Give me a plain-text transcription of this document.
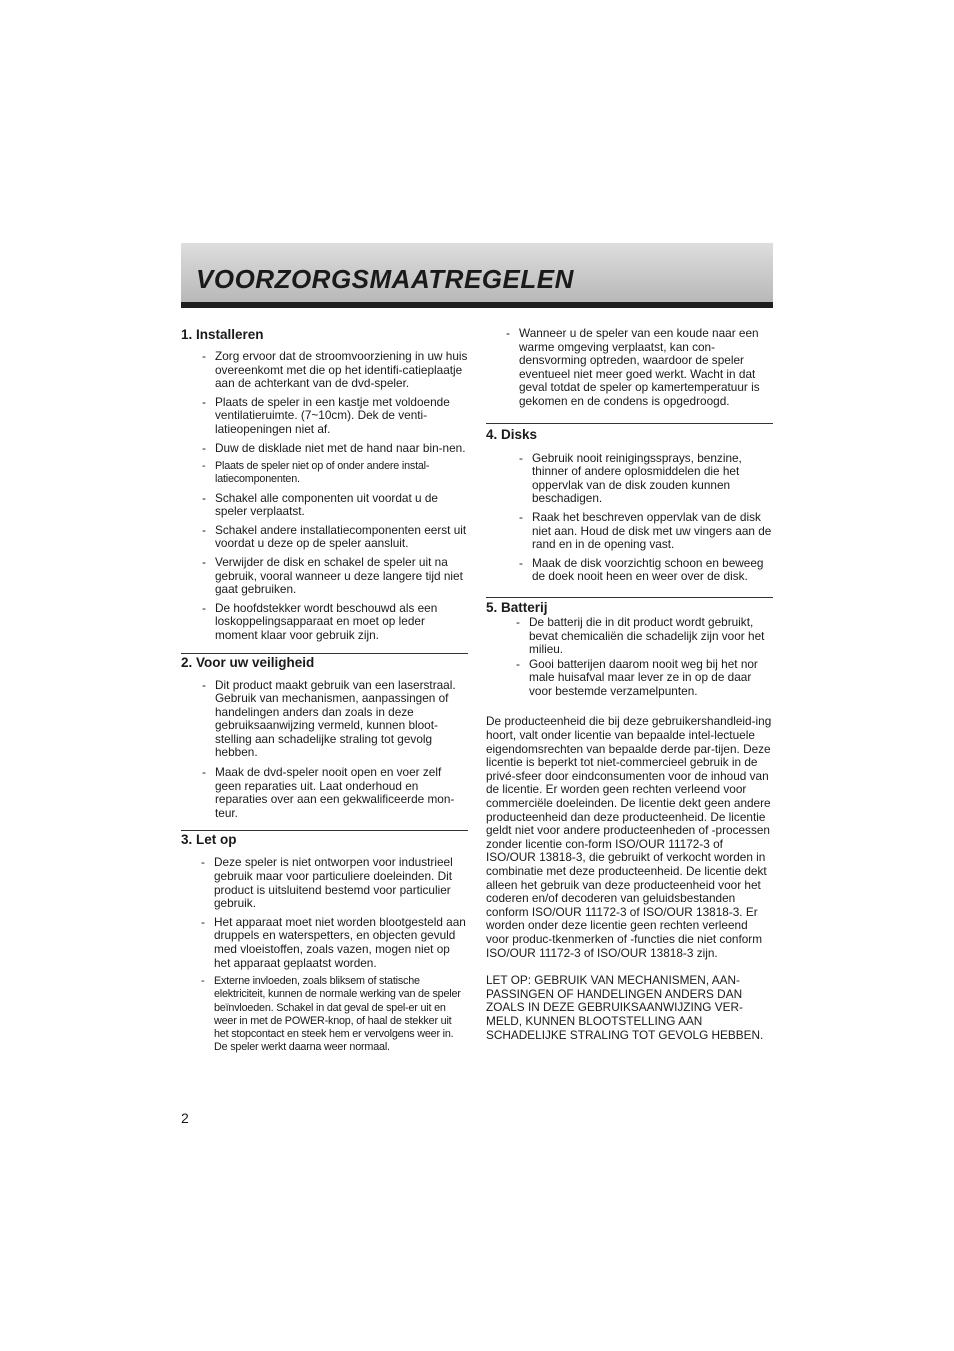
VOORZORGSMAATREGELEN
1. Installeren
- Zorg ervoor dat de stroomvoorziening in uw huis overeenkomt met die op het identifi-catieplaatje aan de achterkant van de dvd-speler.
- Plaats de speler in een kastje met voldoende ventilatieruimte. (7~10cm). Dek de venti-latieopeningen niet af.
- Duw de disklade niet met de hand naar bin-nen.
- Plaats de speler niet op of onder andere instal-latiecomponenten.
- Schakel alle componenten uit voordat u de speler verplaatst.
- Schakel andere installatiecomponenten eerst uit voordat u deze op de speler aansluit.
- Verwijder de disk en schakel de speler uit na gebruik, vooral wanneer u deze langere tijd niet gaat gebruiken.
- De hoofdstekker wordt beschouwd als een loskoppelingsapparaat en moet op leder moment klaar voor gebruik zijn.
2. Voor uw veiligheid
- Dit product maakt gebruik van een laserstraal. Gebruik van mechanismen, aanpassingen of handelingen anders dan zoals in deze gebruiksaanwijzing vermeld, kunnen bloot-stelling aan schadelijke straling tot gevolg hebben.
- Maak de dvd-speler nooit open en voer zelf geen reparaties uit. Laat onderhoud en reparaties over aan een gekwalificeerde mon-teur.
3. Let op
- Deze speler is niet ontworpen voor industrieel gebruik maar voor particuliere doeleinden. Dit product is uitsluitend bestemd voor particulier gebruik.
- Het apparaat moet niet worden blootgesteld aan druppels en waterspetters, en objecten gevuld med vloeistoffen, zoals vazen, mogen niet op het apparaat geplaatst worden.
- Externe invloeden, zoals bliksem of statische elektriciteit, kunnen de normale werking van de speler beïnvloeden. Schakel in dat geval de spel-er uit en weer in met de POWER-knop, of haal de stekker uit het stopcontact en steek hem er vervolgens weer in. De speler werkt daarna weer normaal.
- Wanneer u de speler van een koude naar een warme omgeving verplaatst, kan con-densvorming optreden, waardoor de speler eventueel niet meer goed werkt. Wacht in dat geval totdat de speler op kamertemperatuur is gekomen en de condens is opgedroogd.
4. Disks
- Gebruik nooit reinigingssprays, benzine, thinner of andere oplosmiddelen die het oppervlak van de disk zouden kunnen beschadigen.
- Raak het beschreven oppervlak van de disk niet aan. Houd de disk met uw vingers aan de rand en in de opening vast.
- Maak de disk voorzichtig schoon en beweeg de doek nooit heen en weer over de disk.
5. Batterij
- De batterij die in dit product wordt gebruikt, bevat chemicaliën die schadelijk zijn voor het milieu.
- Gooi batterijen daarom nooit weg bij het nor male huisafval maar lever ze in op de daar voor bestemde verzamelpunten.

De producteenheid die bij deze gebruikershandleid-ing hoort, valt onder licentie van bepaalde intel-lectuele eigendomsrechten van bepaalde derde par-tijen. Deze licentie is beperkt tot niet-commercieel gebruik in de privé-sfeer door eindconsumenten voor de inhoud van de licentie. Er worden geen rechten verleend voor commerciële doeleinden. De licentie dekt geen andere producteenheid dan deze producteenheid. De licentie geldt niet voor andere producteenheden of -processen zonder licentie con-form ISO/OUR 11172-3 of ISO/OUR 13818-3, die gebruikt of verkocht worden in combinatie met deze producteenheid. De licentie dekt alleen het gebruik van deze producteenheid voor het coderen en/of decoderen van geluidsbestanden conform ISO/OUR 11172-3 of ISO/OUR 13818-3. Er worden onder deze licentie geen rechten verleend voor produc-tkenmerken of -functies die niet conform ISO/OUR 11172-3 of ISO/OUR 13818-3 zijn.

LET OP: GEBRUIK VAN MECHANISMEN, AAN-PASSINGEN OF HANDELINGEN ANDERS DAN ZOALS IN DEZE GEBRUIKSAANWIJZING VER-MELD, KUNNEN BLOOTSTELLING AAN SCHADELIJKE STRALING TOT GEVOLG HEBBEN.

2
